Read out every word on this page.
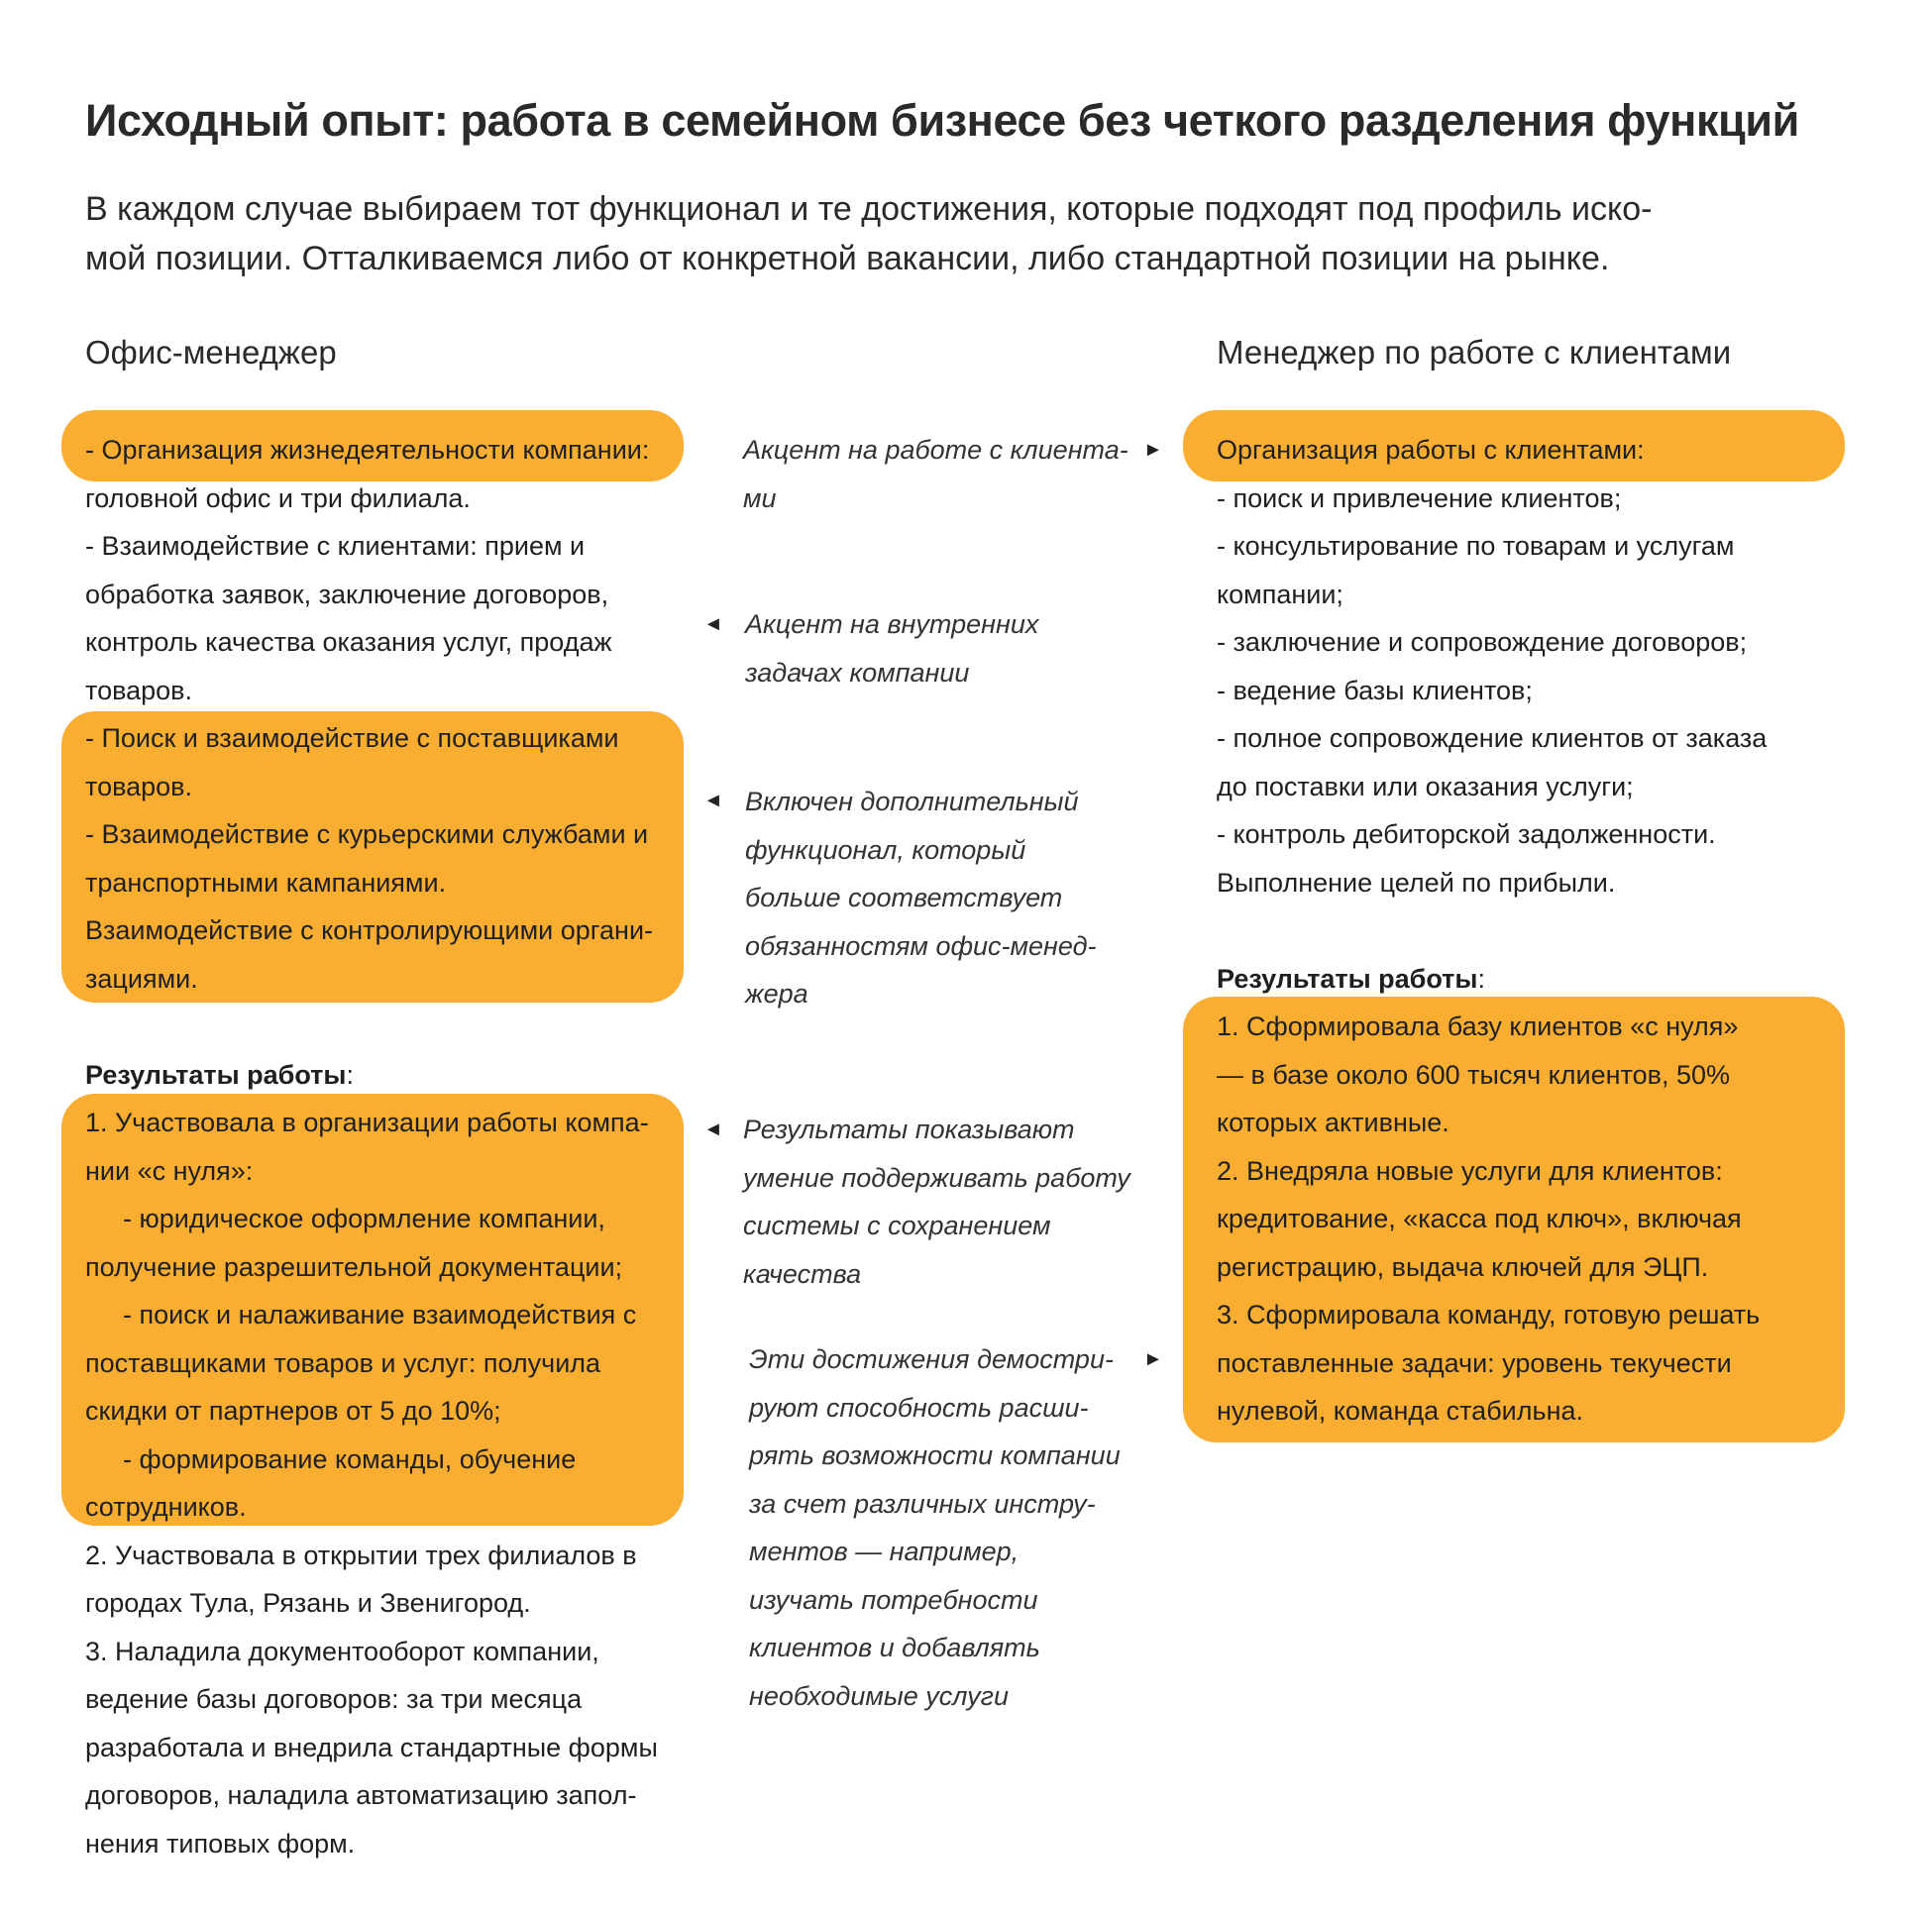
Исходный опыт: работа в семейном бизнесе без четкого разделения функций
В каждом случае выбираем тот функционал и те достижения, которые подходят под профиль иско-
мой позиции. Отталкиваемся либо от конкретной вакансии, либо стандартной позиции на рынке.
Офис-менеджер	Менеджер по работе с клиентами
- Организация жизнедеятельности компании:
головной офис и три филиала.
- Взаимодействие с клиентами: прием и
обработка заявок, заключение договоров,
контроль качества оказания услуг, продаж
товаров.
- Поиск и взаимодействие с поставщиками
товаров.
- Взаимодействие с курьерскими службами и
транспортными кампаниями.
Взаимодействие с контролирующими органи-
зациями.
Результаты работы:
1. Участвовала в организации работы компа-
нии «с нуля»:
- юридическое оформление компании,
получение разрешительной документации;
- поиск и налаживание взаимодействия с
поставщиками товаров и услуг: получила
скидки от партнеров от 5 до 10%;
- формирование команды, обучение
сотрудников.
2. Участвовала в открытии трех филиалов в
городах Тула, Рязань и Звенигород.
3. Наладила документооборот компании,
ведение базы договоров: за три месяца
разработала и внедрила стандартные формы
договоров, наладила автоматизацию запол-
нения типовых форм.
Организация работы с клиентами:
- поиск и привлечение клиентов;
- консультирование по товарам и услугам
компании;
- заключение и сопровождение договоров;
- ведение базы клиентов;
- полное сопровождение клиентов от заказа
до поставки или оказания услуги;
- контроль дебиторской задолженности.
Выполнение целей по прибыли.
Результаты работы:
1. Сформировала базу клиентов «с нуля»
— в базе около 600 тысяч клиентов, 50%
которых активные.
2. Внедряла новые услуги для клиентов:
кредитование, «касса под ключ», включая
регистрацию, выдача ключей для ЭЦП.
3. Сформировала команду, готовую решать
поставленные задачи: уровень текучести
нулевой, команда стабильна.
Акцент на работе с клиента-
ми
Акцент на внутренних
задачах компании
Включен дополнительный
функционал, который
больше соответствует
обязанностям офис-менед-
жера
Результаты показывают
умение поддерживать работу
системы с сохранением
качества
Эти достижения демостри-
руют способность расши-
рять возможности компании
за счет различных инстру-
ментов — например,
изучать потребности
клиентов и добавлять
необходимые услуги
►
◄
◄
◄
►
